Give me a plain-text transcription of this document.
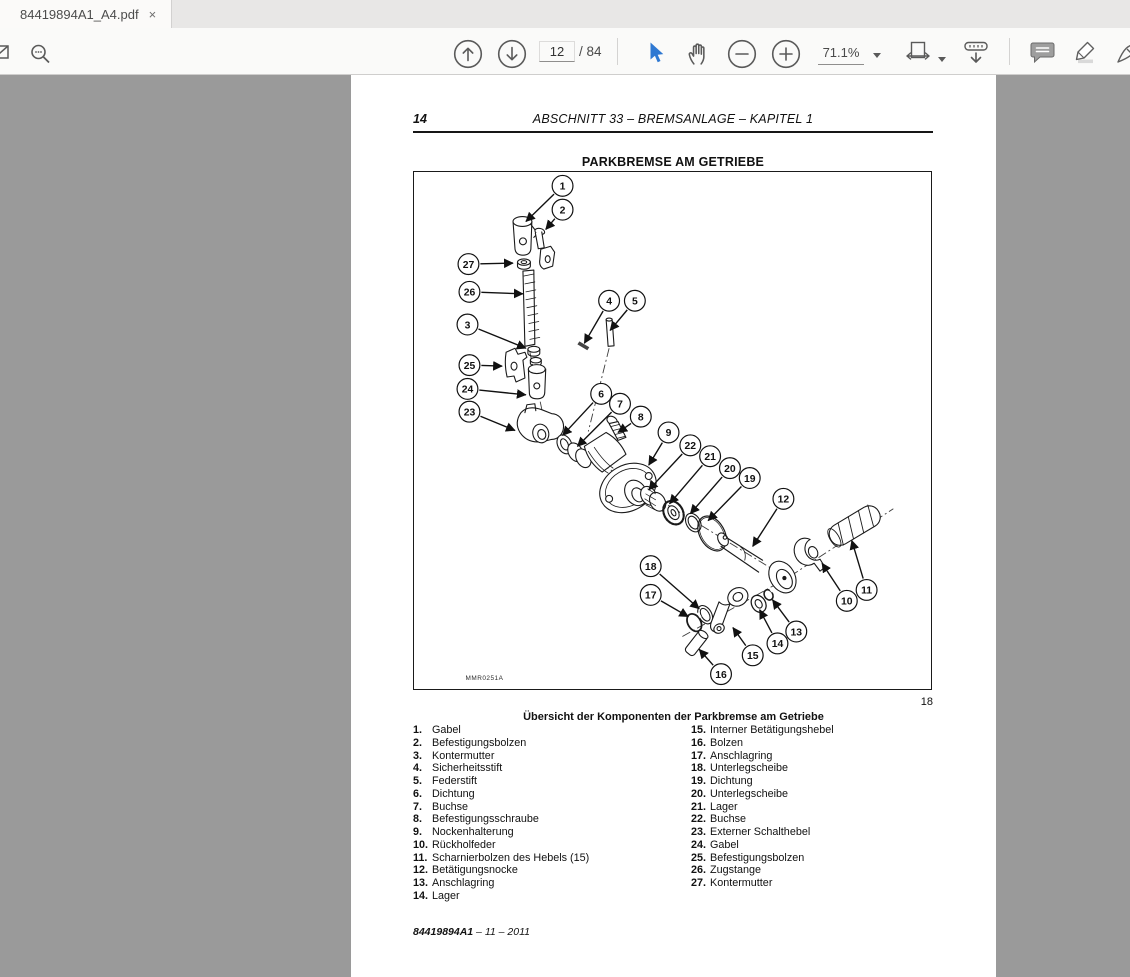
84419894A1_A4.pdf ×
12
/ 84	71.1%
14	ABSCHNITT 33 – BREMSANLAGE – KAPITEL 1
PARKBREMSE AM GETRIEBE
1
2
27
26
3
25
24
23
4 5
6
7
8
9
22
21
20
19
12
10
11
18
17
16
15
14
13
MMR0251A
18
Übersicht der Komponenten der Parkbremse am Getriebe
1. Gabel
2. Befestigungsbolzen
3. Kontermutter
4. Sicherheitsstift
5. Federstift
6. Dichtung
7. Buchse
8. Befestigungsschraube
9. Nockenhalterung
10. Rückholfeder
11. Scharnierbolzen des Hebels (15)
12. Betätigungsnocke
13. Anschlagring
14. Lager
15. Interner Betätigungshebel
16. Bolzen
17. Anschlagring
18. Unterlegscheibe
19. Dichtung
20. Unterlegscheibe
21. Lager
22. Buchse
23. Externer Schalthebel
24. Gabel
25. Befestigungsbolzen
26. Zugstange
27. Kontermutter
84419894A1 – 11 – 2011
